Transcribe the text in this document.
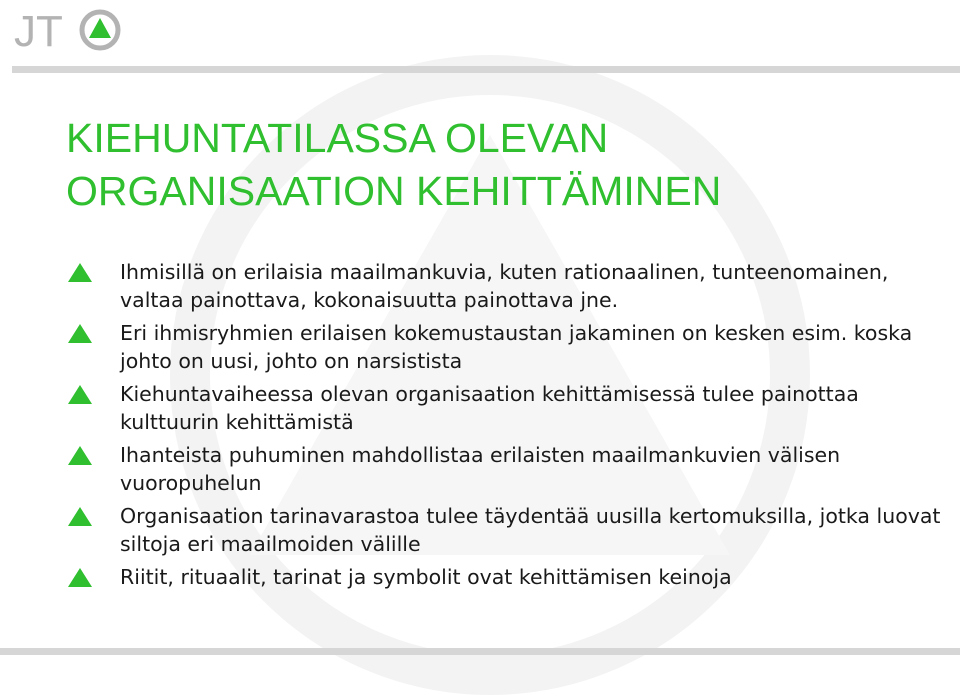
JT
KIEHUNTATILASSA OLEVAN
ORGANISAATION KEHITTÄMINEN
Ihmisillä on erilaisia maailmankuvia, kuten rationaalinen, tunteenomainen, valtaa painottava, kokonaisuutta painottava jne.
Eri ihmisryhmien erilaisen kokemustaustan jakaminen on kesken esim. koska johto on uusi, johto on narsistista
Kiehuntavaiheessa olevan organisaation kehittämisessä tulee painottaa kulttuurin kehittämistä
Ihanteista puhuminen mahdollistaa erilaisten maailmankuvien välisen vuoropuhelun
Organisaation tarinavarastoa tulee täydentää uusilla kertomuksilla, jotka luovat siltoja eri maailmoiden välille
Riitit, rituaalit, tarinat ja symbolit ovat kehittämisen keinoja
